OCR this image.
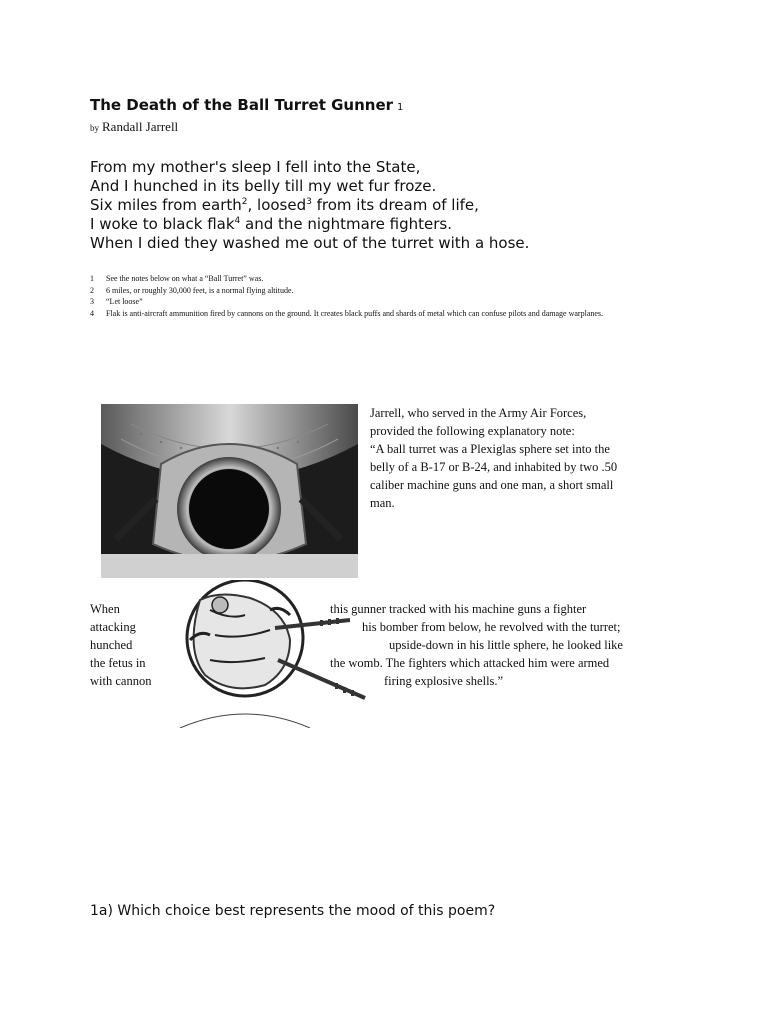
The Death of the Ball Turret Gunner 1
by Randall Jarrell
From my mother's sleep I fell into the State,
And I hunched in its belly till my wet fur froze.
Six miles from earth$^2$, loosed$^3$ from its dream of life,
I woke to black flak$^4$ and the nightmare fighters.
When I died they washed me out of the turret with a hose.
1 See the notes below on what a “Ball Turret” was.
2 6 miles, or roughly 30,000 feet, is a normal flying altitude.
3 “Let loose”
4 Flak is anti-aircraft ammunition fired by cannons on the ground. It creates black puffs and shards of metal which can confuse pilots and damage warplanes.
Jarrell, who served in the Army Air Forces,
provided the following explanatory note:
“A ball turret was a Plexiglas sphere set into the
belly of a B-17 or B-24, and inhabited by two .50
caliber machine guns and one man, a short small
man.
When
attacking
hunched
the fetus in
with cannon
this gunner tracked with his machine guns a fighter
his bomber from below, he revolved with the turret;
upside-down in his little sphere, he looked like
the womb. The fighters which attacked him were armed
firing explosive shells.”
1a) Which choice best represents the mood of this poem?
